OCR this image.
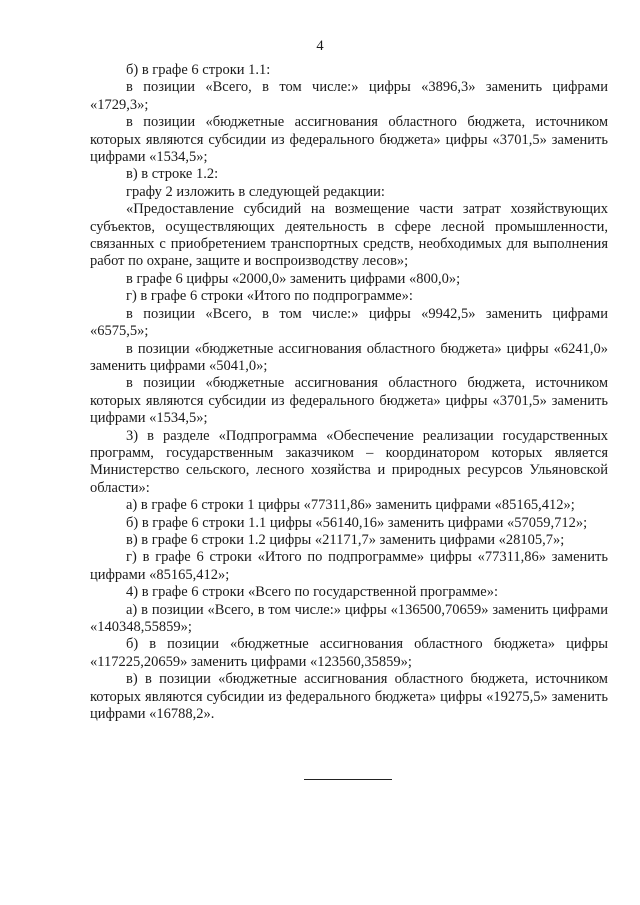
4

б) в графе 6 строки 1.1:

в позиции «Всего, в том числе:» цифры «3896,3» заменить цифрами «1729,3»;

в позиции «бюджетные ассигнования областного бюджета, источником которых являются субсидии из федерального бюджета» цифры «3701,5» заменить цифрами «1534,5»;

в) в строке 1.2:

графу 2 изложить в следующей редакции:

«Предоставление субсидий на возмещение части затрат хозяйствующих субъектов, осуществляющих деятельность в сфере лесной промышленности, связанных с приобретением транспортных средств, необходимых для выполнения работ по охране, защите и воспроизводству лесов»;

в графе 6 цифры «2000,0» заменить цифрами «800,0»;

г) в графе 6 строки «Итого по подпрограмме»:

в позиции «Всего, в том числе:» цифры «9942,5» заменить цифрами «6575,5»;

в позиции «бюджетные ассигнования областного бюджета» цифры «6241,0» заменить цифрами «5041,0»;

в позиции «бюджетные ассигнования областного бюджета, источником которых являются субсидии из федерального бюджета» цифры «3701,5» заменить цифрами «1534,5»;

3) в разделе «Подпрограмма «Обеспечение реализации государственных программ, государственным заказчиком – координатором которых является Министерство сельского, лесного хозяйства и природных ресурсов Ульяновской области»:

а) в графе 6 строки 1 цифры «77311,86» заменить цифрами «85165,412»;

б) в графе 6 строки 1.1 цифры «56140,16» заменить цифрами «57059,712»;

в) в графе 6 строки 1.2 цифры «21171,7» заменить цифрами «28105,7»;

г) в графе 6 строки «Итого по подпрограмме» цифры «77311,86» заменить цифрами «85165,412»;

4) в графе 6 строки «Всего по государственной программе»:

а) в позиции «Всего, в том числе:» цифры «136500,70659» заменить цифрами «140348,55859»;

б) в позиции «бюджетные ассигнования областного бюджета» цифры «117225,20659» заменить цифрами «123560,35859»;

в) в позиции «бюджетные ассигнования областного бюджета, источником которых являются субсидии из федерального бюджета» цифры «19275,5» заменить цифрами «16788,2».
